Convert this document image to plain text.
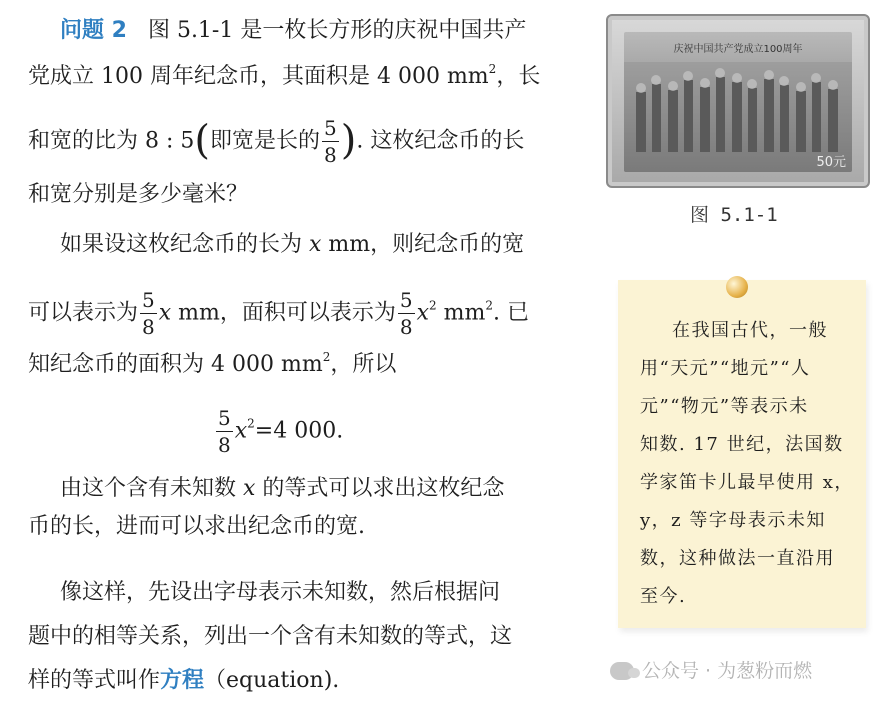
问题 2 图 5.1-1 是一枚长方形的庆祝中国共产
党成立 100 周年纪念币，其面积是 4 000 $mm^2$，长
和宽的比为 8 : 5(即宽是长的 $\frac{5}{8}$ ). 这枚纪念币的长
和宽分别是多少毫米？
如果设这枚纪念币的长为 x mm，则纪念币的宽
可以表示为 $\frac{5}{8}$ x mm，面积可以表示为 $\frac{5}{8} x^2$ $mm^2$. 已
知纪念币的面积为 4 000 $mm^2$，所以
$\frac{5}{8} x^2=4$ 000.
由这个含有未知数 x 的等式可以求出这枚纪念
币的长，进而可以求出纪念币的宽.
像这样，先设出字母表示未知数，然后根据问
题中的相等关系，列出一个含有未知数的等式，这
样的等式叫作方程（equation).
庆祝中国共产党成立100周年
50元
图 5.1-1
在我国古代，一般
用“天元”“地元”“人
元”“物元”等表示未
知数. 17 世纪，法国数
学家笛卡儿最早使用 x，
y，z 等字母表示未知
数，这种做法一直沿用
至今.
公众号 · 为葱粉而燃
